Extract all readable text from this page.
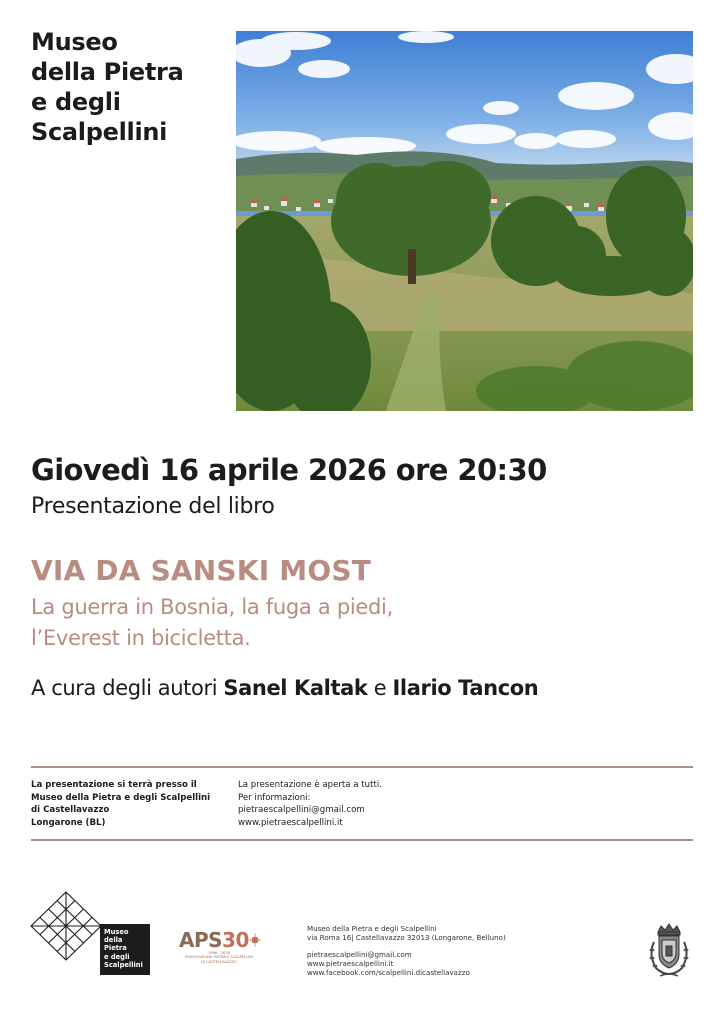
Museo
della Pietra
e degli
Scalpellini
Giovedì 16 aprile 2026 ore 20:30
Presentazione del libro
VIA DA SANSKI MOST
La guerra in Bosnia, la fuga a piedi,
l’Everest in bicicletta.
A cura degli autori Sanel Kaltak e Ilario Tancon
La presentazione si terrà presso il
Museo della Pietra e degli Scalpellini
di Castellavazzo
Longarone (BL)
La presentazione è aperta a tutti.
Per informazioni:
pietraescalpellini@gmail.com
www.pietraescalpellini.it
Museo
della
Pietra
e degli
Scalpellini
APS 30
1996 - 2026
ASSOCIAZIONE PIETRA E SCALPELLINI
DI CASTELLAVAZZO
Museo della Pietra e degli Scalpellini
via Roma 16| Castellavazzo 32013 (Longarone, Belluno)
pietraescalpellini@gmail.com
www.pietraescalpellini.it
www.facebook.com/scalpellini.dicastellavazzo
